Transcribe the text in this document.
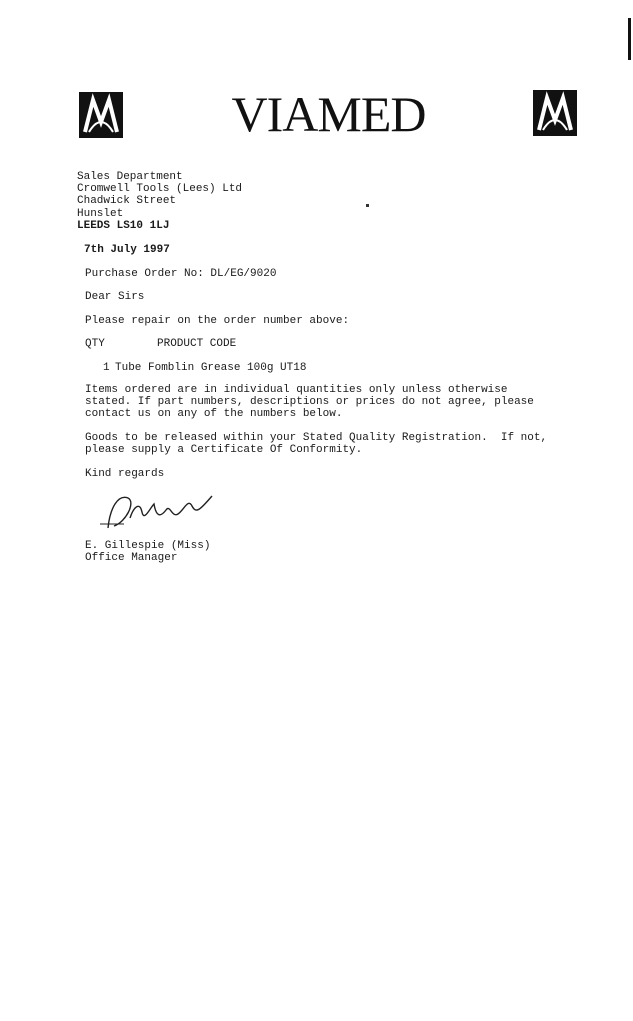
VIAMED
Sales Department
Cromwell Tools (Lees) Ltd
Chadwick Street
Hunslet
LEEDS LS10 1LJ
7th July 1997
Purchase Order No: DL/EG/9020
Dear Sirs
Please repair on the order number above:
QTY	PRODUCT CODE
1 Tube Fomblin Grease 100g UT18
Items ordered are in individual quantities only unless otherwise
stated. If part numbers, descriptions or prices do not agree, please
contact us on any of the numbers below.
Goods to be released within your Stated Quality Registration.  If not,
please supply a Certificate Of Conformity.
Kind regards
E. Gillespie (Miss)
Office Manager
